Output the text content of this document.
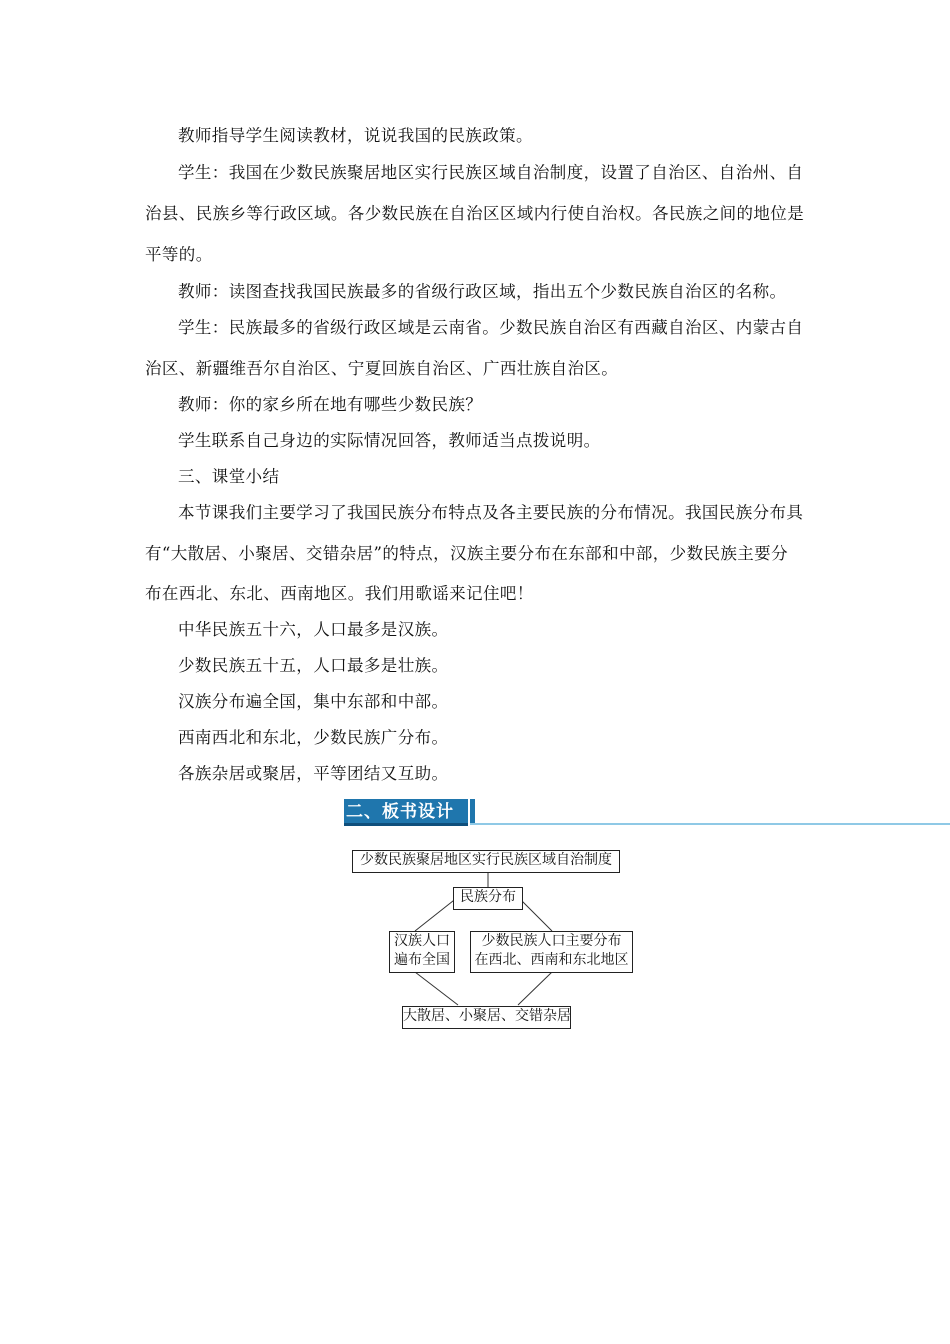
教师指导学生阅读教材，说说我国的民族政策。

学生：我国在少数民族聚居地区实行民族区域自治制度，设置了自治区、自治州、自

治县、民族乡等行政区域。各少数民族在自治区区域内行使自治权。各民族之间的地位是

平等的。

教师：读图查找我国民族最多的省级行政区域，指出五个少数民族自治区的名称。

学生：民族最多的省级行政区域是云南省。少数民族自治区有西藏自治区、内蒙古自

治区、新疆维吾尔自治区、宁夏回族自治区、广西壮族自治区。

教师：你的家乡所在地有哪些少数民族？

学生联系自己身边的实际情况回答，教师适当点拨说明。

三、课堂小结

本节课我们主要学习了我国民族分布特点及各主要民族的分布情况。我国民族分布具

有“大散居、小聚居、交错杂居”的特点，汉族主要分布在东部和中部，少数民族主要分

布在西北、东北、西南地区。我们用歌谣来记住吧！

中华民族五十六，人口最多是汉族。

少数民族五十五，人口最多是壮族。

汉族分布遍全国，集中东部和中部。

西南西北和东北，少数民族广分布。

各族杂居或聚居，平等团结又互助。

二、板书设计
少数民族聚居地区实行民族区域自治制度
民族分布
汉族人口
遍布全国
少数民族人口主要分布
在西北、西南和东北地区
大散居、小聚居、交错杂居
